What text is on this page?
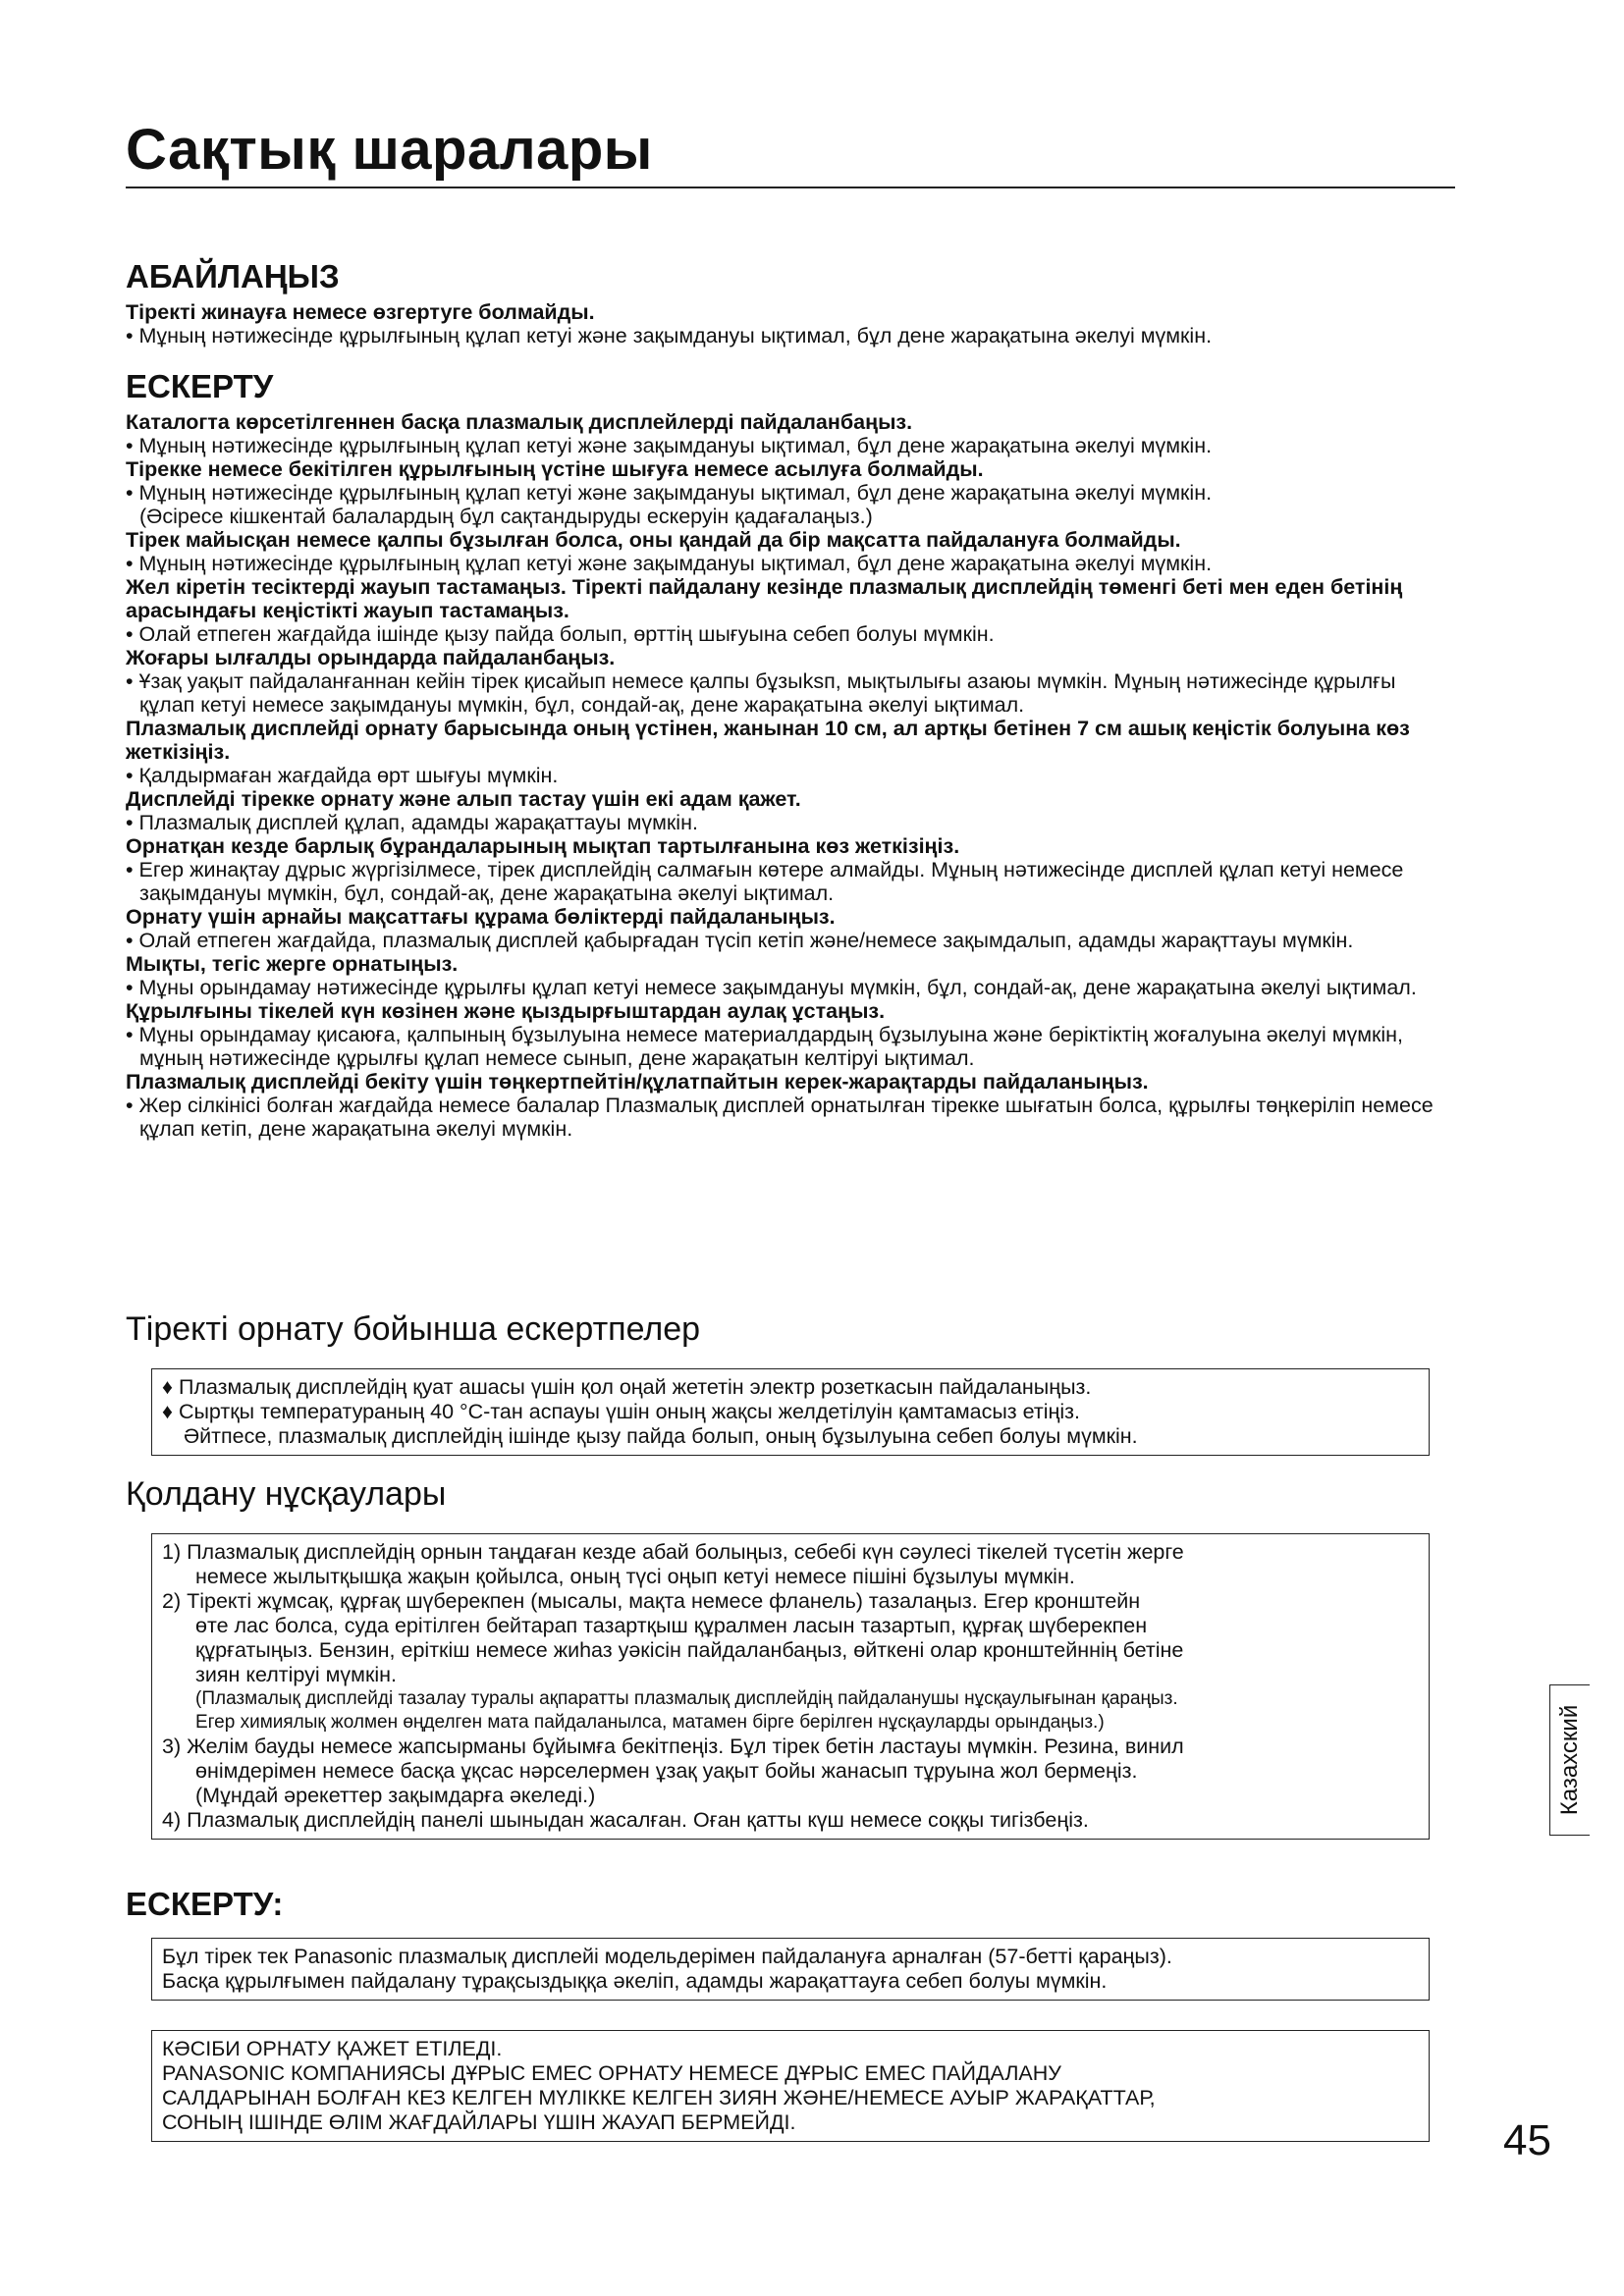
Сақтық шаралары

АБАЙЛАҢЫЗ

Тіректі жинауға немесе өзгертуге болмайды.

• Мұның нәтижесінде құрылғының құлап кетуі және зақымдануы ықтимал, бұл дене жарақатына әкелуі мүмкін.

ЕСКЕРТУ

Каталогта көрсетілгеннен басқа плазмалық дисплейлерді пайдаланбаңыз.

• Мұның нәтижесінде құрылғының құлап кетуі және зақымдануы ықтимал, бұл дене жарақатына әкелуі мүмкін.

Тірекке немесе бекітілген құрылғының үстіне шығуға немесе асылуға болмайды.

• Мұның нәтижесінде құрылғының құлап кетуі және зақымдануы ықтимал, бұл дене жарақатына әкелуі мүмкін.

(Әсіресе кішкентай балалардың бұл сақтандыруды ескеруін қадағалаңыз.)

Тірек майысқан немесе қалпы бұзылған болса, оны қандай да бір мақсатта пайдалануға болмайды.

• Мұның нәтижесінде құрылғының құлап кетуі және зақымдануы ықтимал, бұл дене жарақатына әкелуі мүмкін.

Жел кіретін тесіктерді жауып тастамаңыз. Тіректі пайдалану кезінде плазмалық дисплейдің төменгі беті мен еден бетінің арасындағы кеңістікті жауып тастамаңыз.

• Олай етпеген жағдайда ішінде қызу пайда болып, өрттің шығуына себеп болуы мүмкін.

Жоғары ылғалды орындарда пайдаланбаңыз.

• Ұзақ уақыт пайдаланғаннан кейін тірек қисайып немесе қалпы бұзыksп, мықтылығы азаюы мүмкін. Мұның нәтижесінде құрылғы құлап кетуі немесе зақымдануы мүмкін, бұл, сондай-ақ, дене жарақатына әкелуі ықтимал.

Плазмалық дисплейді орнату барысында оның үстінен, жанынан 10 см, ал артқы бетінен 7 см ашық кеңістік болуына көз жеткізіңіз.

• Қалдырмаған жағдайда өрт шығуы мүмкін.

Дисплейді тірекке орнату және алып тастау үшін екі адам қажет.

• Плазмалық дисплей құлап, адамды жарақаттауы мүмкін.

Орнатқан кезде барлық бұрандаларының мықтап тартылғанына көз жеткізіңіз.

• Егер жинақтау дұрыс жүргізілмесе, тірек дисплейдің салмағын көтере алмайды. Мұның нәтижесінде дисплей құлап кетуі немесе зақымдануы мүмкін, бұл, сондай-ақ, дене жарақатына әкелуі ықтимал.

Орнату үшін арнайы мақсаттағы құрама бөліктерді пайдаланыңыз.

• Олай етпеген жағдайда, плазмалық дисплей қабырғадан түсіп кетіп және/немесе зақымдалып, адамды жарақттауы мүмкін.

Мықты, тегіс жерге орнатыңыз.

• Мұны орындамау нәтижесінде құрылғы құлап кетуі немесе зақымдануы мүмкін, бұл, сондай-ақ, дене жарақатына әкелуі ықтимал.

Құрылғыны тікелей күн көзінен және қыздырғыштардан аулақ ұстаңыз.

• Мұны орындамау қисаюға, қалпының бұзылуына немесе материалдардың бұзылуына және беріктіктің жоғалуына әкелуі мүмкін, мұның нәтижесінде құрылғы құлап немесе сынып, дене жарақатын келтіруі ықтимал.

Плазмалық дисплейді бекіту үшін төңкертпейтін/құлатпайтын керек-жарақтарды пайдаланыңыз.

• Жер сілкінісі болған жағдайда немесе балалар Плазмалық дисплей орнатылған тірекке шығатын болса, құрылғы төңкеріліп немесе құлап кетіп, дене жарақатына әкелуі мүмкін.

Тіректі орнату бойынша ескертпелер

♦ Плазмалық дисплейдің қуат ашасы үшін қол оңай жететін электр розеткасын пайдаланыңыз.

♦ Сыртқы температураның 40 °C-тан аспауы үшін оның жақсы желдетілуін қамтамасыз етіңіз.

Әйтпесе, плазмалық дисплейдің ішінде қызу пайда болып, оның бұзылуына себеп болуы мүмкін.

Қолдану нұсқаулары

1) Плазмалық дисплейдің орнын таңдаған кезде абай болыңыз, себебі күн сәулесі тікелей түсетін жерге

немесе жылытқышқа жақын қойылса, оның түсі оңып кетуі немесе пішіні бұзылуы мүмкін.

2) Тіректі жұмсақ, құрғақ шүберекпен (мысалы, мақта немесе фланель) тазалаңыз. Егер кронштейн

өте лас болса, суда ерітілген бейтарап тазартқыш құралмен ласын тазартып, құрғақ шүберекпен

құрғатыңыз. Бензин, еріткіш немесе жиһаз уәкісін пайдаланбаңыз, өйткені олар кронштейннің бетіне

зиян келтіруі мүмкін.

(Плазмалық дисплейді тазалау туралы ақпаратты плазмалық дисплейдің пайдаланушы нұсқаулығынан қараңыз.

Егер химиялық жолмен өңделген мата пайдаланылса, матамен бірге берілген нұсқауларды орындаңыз.)

3) Желім бауды немесе жапсырманы бұйымға бекітпеңіз. Бұл тірек бетін ластауы мүмкін. Резина, винил

өнімдерімен немесе басқа ұқсас нәрселермен ұзақ уақыт бойы жанасып тұруына жол бермеңіз.

(Мұндай әрекеттер зақымдарға әкеледі.)

4) Плазмалық дисплейдің панелі шыныдан жасалған. Оған қатты күш немесе соққы тигізбеңіз.

ЕСКЕРТУ:

Бұл тірек тек Panasonic плазмалық дисплейі модельдерімен пайдалануға арналған (57-бетті қараңыз).

Басқа құрылғымен пайдалану тұрақсыздыққа әкеліп, адамды жарақаттауға себеп болуы мүмкін.

КӘСІБИ ОРНАТУ ҚАЖЕТ ЕТІЛЕДІ.

PANASONIC КОМПАНИЯСЫ ДҰРЫС ЕМЕС ОРНАТУ НЕМЕСЕ ДҰРЫС ЕМЕС ПАЙДАЛАНУ

САЛДАРЫНАН БОЛҒАН КЕЗ КЕЛГЕН МҮЛІККЕ КЕЛГЕН ЗИЯН ЖӘНЕ/НЕМЕСЕ АУЫР ЖАРАҚАТТАР,

СОНЫҢ ІШІНДЕ ӨЛІМ ЖАҒДАЙЛАРЫ ҮШІН ЖАУАП БЕРМЕЙДІ.

Казахский
45
